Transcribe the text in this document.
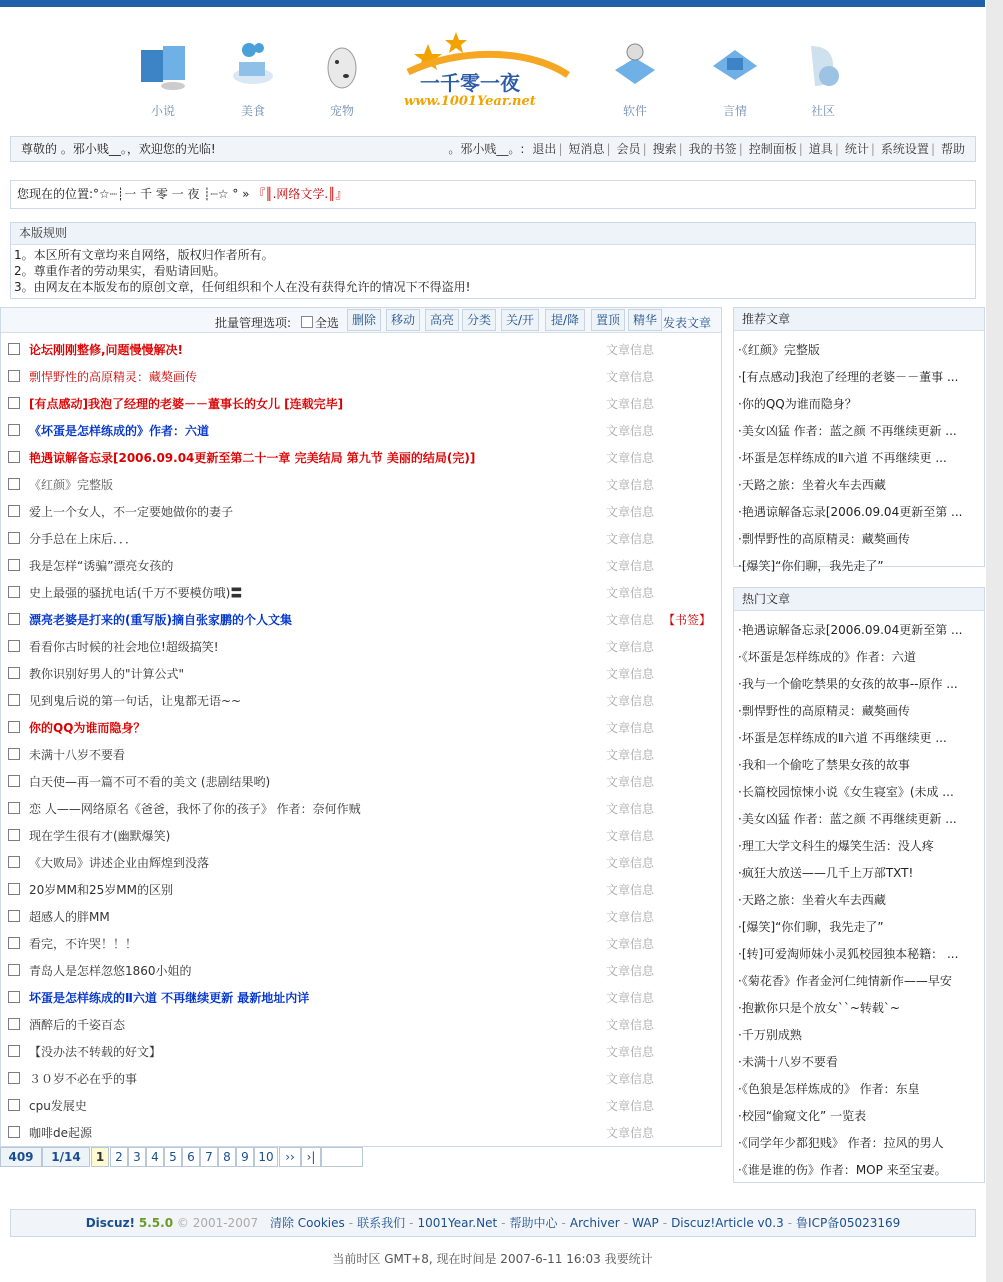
小说	美食	宠物	软件	言情	社区
一千零一夜
www.1001Year.net
尊敬的 。邪小贱__。，欢迎您的光临!	。邪小贱__。: 退出 | 短消息 | 会员 | 搜索 | 我的书签 | 控制面板 | 道具 | 统计 | 系统设置 | 帮助
您现在的位置:°☆┈┊一 千 零 一 夜 ┊┈☆ ° » 『║.网络文学.║』
本版规则
1。本区所有文章均来自网络，版权归作者所有。
2。尊重作者的劳动果实，看贴请回贴。
3。由网友在本版发布的原创文章，任何组织和个人在没有获得允许的情况下不得盗用!
批量管理选项: 全选	删除	移动	高亮	分类	关/开	提/降	置顶	精华 发表文章
论坛刚刚整修,问题慢慢解决!	文章信息
剽悍野性的高原精灵：藏獒画传	文章信息
[有点感动]我泡了经理的老婆－－董事长的女儿 [连载完毕]	文章信息
《坏蛋是怎样练成的》作者：六道	文章信息
艳遇谅解备忘录[2006.09.04更新至第二十一章 完美结局 第九节 美丽的结局(完)]	文章信息
《红颜》完整版	文章信息
爱上一个女人，不一定要她做你的妻子	文章信息
分手总在上床后．．．	文章信息
我是怎样“诱骗”漂亮女孩的	文章信息
史上最强的骚扰电话(千万不要模仿哦)〓	文章信息
漂亮老婆是打来的(重写版)摘自张家鹏的个人文集	文章信息 【书签】
看看你古时候的社会地位!超级搞笑!	文章信息
教你识别好男人的"计算公式"	文章信息
见到鬼后说的第一句话，让鬼都无语~~	文章信息
你的QQ为谁而隐身？	文章信息
未满十八岁不要看	文章信息
白天使—再一篇不可不看的美文 (悲剧结果哟)	文章信息
恋 人——网络原名《爸爸，我怀了你的孩子》 作者：奈何作贼	文章信息
现在学生很有才(幽默爆笑)	文章信息
《大败局》讲述企业由辉煌到没落	文章信息
20岁MM和25岁MM的区别	文章信息
超感人的胖MM	文章信息
看完，不许哭！！！	文章信息
青岛人是怎样忽悠1860小姐的	文章信息
坏蛋是怎样练成的Ⅱ六道 不再继续更新 最新地址内详	文章信息
酒醉后的千姿百态	文章信息
【没办法不转载的好文】	文章信息
３０岁不必在乎的事	文章信息
cpu发展史	文章信息
咖啡de起源	文章信息
409	1/14	1 2 3 4 5 6 7 8 9 10 ›› ›|
推荐文章
·《红颜》完整版
·[有点感动]我泡了经理的老婆－－董事 ...
·你的QQ为谁而隐身？
·美女凶猛 作者：蓝之颜 不再继续更新 ...
·坏蛋是怎样练成的Ⅱ六道 不再继续更 ...
·天路之旅：坐着火车去西藏
·艳遇谅解备忘录[2006.09.04更新至第 ...
·剽悍野性的高原精灵：藏獒画传
·[爆笑]“你们聊，我先走了”
热门文章
·艳遇谅解备忘录[2006.09.04更新至第 ...
·《坏蛋是怎样练成的》作者：六道
·我与一个偷吃禁果的女孩的故事--原作 ...
·剽悍野性的高原精灵：藏獒画传
·坏蛋是怎样练成的Ⅱ六道 不再继续更 ...
·我和一个偷吃了禁果女孩的故事
·长篇校园惊悚小说《女生寝室》(未成 ...
·美女凶猛 作者：蓝之颜 不再继续更新 ...
·理工大学文科生的爆笑生活：没人疼
·疯狂大放送——几千上万部TXT!
·天路之旅：坐着火车去西藏
·[爆笑]“你们聊，我先走了”
·[转]可爱淘师妹小灵狐校园独本秘籍： ...
·《菊花香》作者金河仁纯情新作——早安
·抱歉你只是个放女``~转载`~
·千万别成熟
·未满十八岁不要看
·《色狼是怎样炼成的》 作者：东皇
·校园“偷窥文化” 一览表
·《同学年少都犯贱》 作者：拉风的男人
·《谁是谁的伤》作者：MOP 来至宝妻。
Discuz! 5.5.0 © 2001-2007 清除 Cookies - 联系我们 - 1001Year.Net - 帮助中心 - Archiver - WAP - Discuz!Article v0.3 - 鲁ICP备05023169
当前时区 GMT+8, 现在时间是 2007-6-11 16:03 我要统计
